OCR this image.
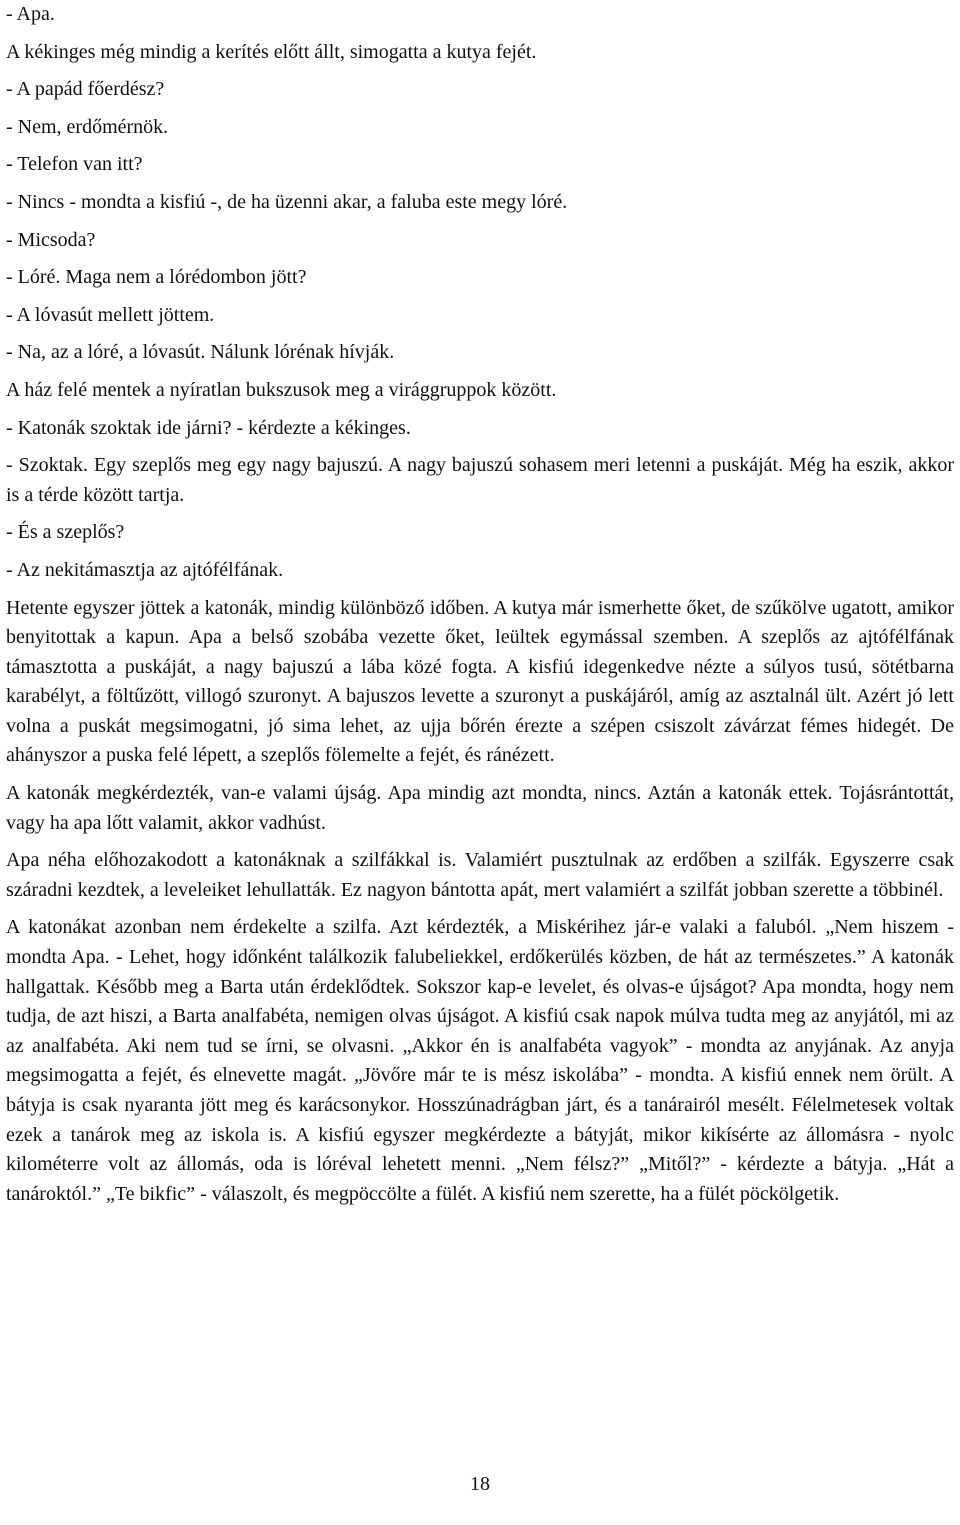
- Apa.

A kékinges még mindig a kerítés előtt állt, simogatta a kutya fejét.

- A papád főerdész?

- Nem, erdőmérnök.

- Telefon van itt?

- Nincs - mondta a kisfiú -, de ha üzenni akar, a faluba este megy lóré.

- Micsoda?

- Lóré. Maga nem a lórédombon jött?

- A lóvasút mellett jöttem.

- Na, az a lóré, a lóvasút. Nálunk lórénak hívják.

A ház felé mentek a nyíratlan bukszusok meg a virággruppok között.

- Katonák szoktak ide járni? - kérdezte a kékinges.

- Szoktak. Egy szeplős meg egy nagy bajuszú. A nagy bajuszú sohasem meri letenni a puskáját. Még ha eszik, akkor is a térde között tartja.

- És a szeplős?

- Az nekitámasztja az ajtófélfának.

Hetente egyszer jöttek a katonák, mindig különböző időben. A kutya már ismerhette őket, de szűkölve ugatott, amikor benyitottak a kapun. Apa a belső szobába vezette őket, leültek egymással szemben. A szeplős az ajtófélfának támasztotta a puskáját, a nagy bajuszú a lába közé fogta. A kisfiú idegenkedve nézte a súlyos tusú, sötétbarna karabélyt, a föltűzött, villogó szuronyt. A bajuszos levette a szuronyt a puskájáról, amíg az asztalnál ült. Azért jó lett volna a puskát megsimogatni, jó sima lehet, az ujja bőrén érezte a szépen csiszolt závárzat fémes hidegét. De ahányszor a puska felé lépett, a szeplős fölemelte a fejét, és ránézett.

A katonák megkérdezték, van-e valami újság. Apa mindig azt mondta, nincs. Aztán a katonák ettek. Tojásrántottát, vagy ha apa lőtt valamit, akkor vadhúst.

Apa néha előhozakodott a katonáknak a szilfákkal is. Valamiért pusztulnak az erdőben a szilfák. Egyszerre csak száradni kezdtek, a leveleiket lehullatták. Ez nagyon bántotta apát, mert valamiért a szilfát jobban szerette a többinél.

A katonákat azonban nem érdekelte a szilfa. Azt kérdezték, a Miskérihez jár-e valaki a faluból. „Nem hiszem - mondta Apa. - Lehet, hogy időnként találkozik falubeliekkel, erdőkerülés közben, de hát az természetes.” A katonák hallgattak. Később meg a Barta után érdeklődtek. Sokszor kap-e levelet, és olvas-e újságot? Apa mondta, hogy nem tudja, de azt hiszi, a Barta analfabéta, nemigen olvas újságot. A kisfiú csak napok múlva tudta meg az anyjától, mi az az analfabéta. Aki nem tud se írni, se olvasni. „Akkor én is analfabéta vagyok” - mondta az anyjának. Az anyja megsimogatta a fejét, és elnevette magát. „Jövőre már te is mész iskolába” - mondta. A kisfiú ennek nem örült. A bátyja is csak nyaranta jött meg és karácsonykor. Hosszúnadrágban járt, és a tanárairól mesélt. Félelmetesek voltak ezek a tanárok meg az iskola is. A kisfiú egyszer megkérdezte a bátyját, mikor kikísérte az állomásra - nyolc kilométerre volt az állomás, oda is lóréval lehetett menni. „Nem félsz?” „Mitől?” - kérdezte a bátyja. „Hát a tanároktól.” „Te bikfic” - válaszolt, és megpöccölte a fülét. A kisfiú nem szerette, ha a fülét pöckölgetik.

18
